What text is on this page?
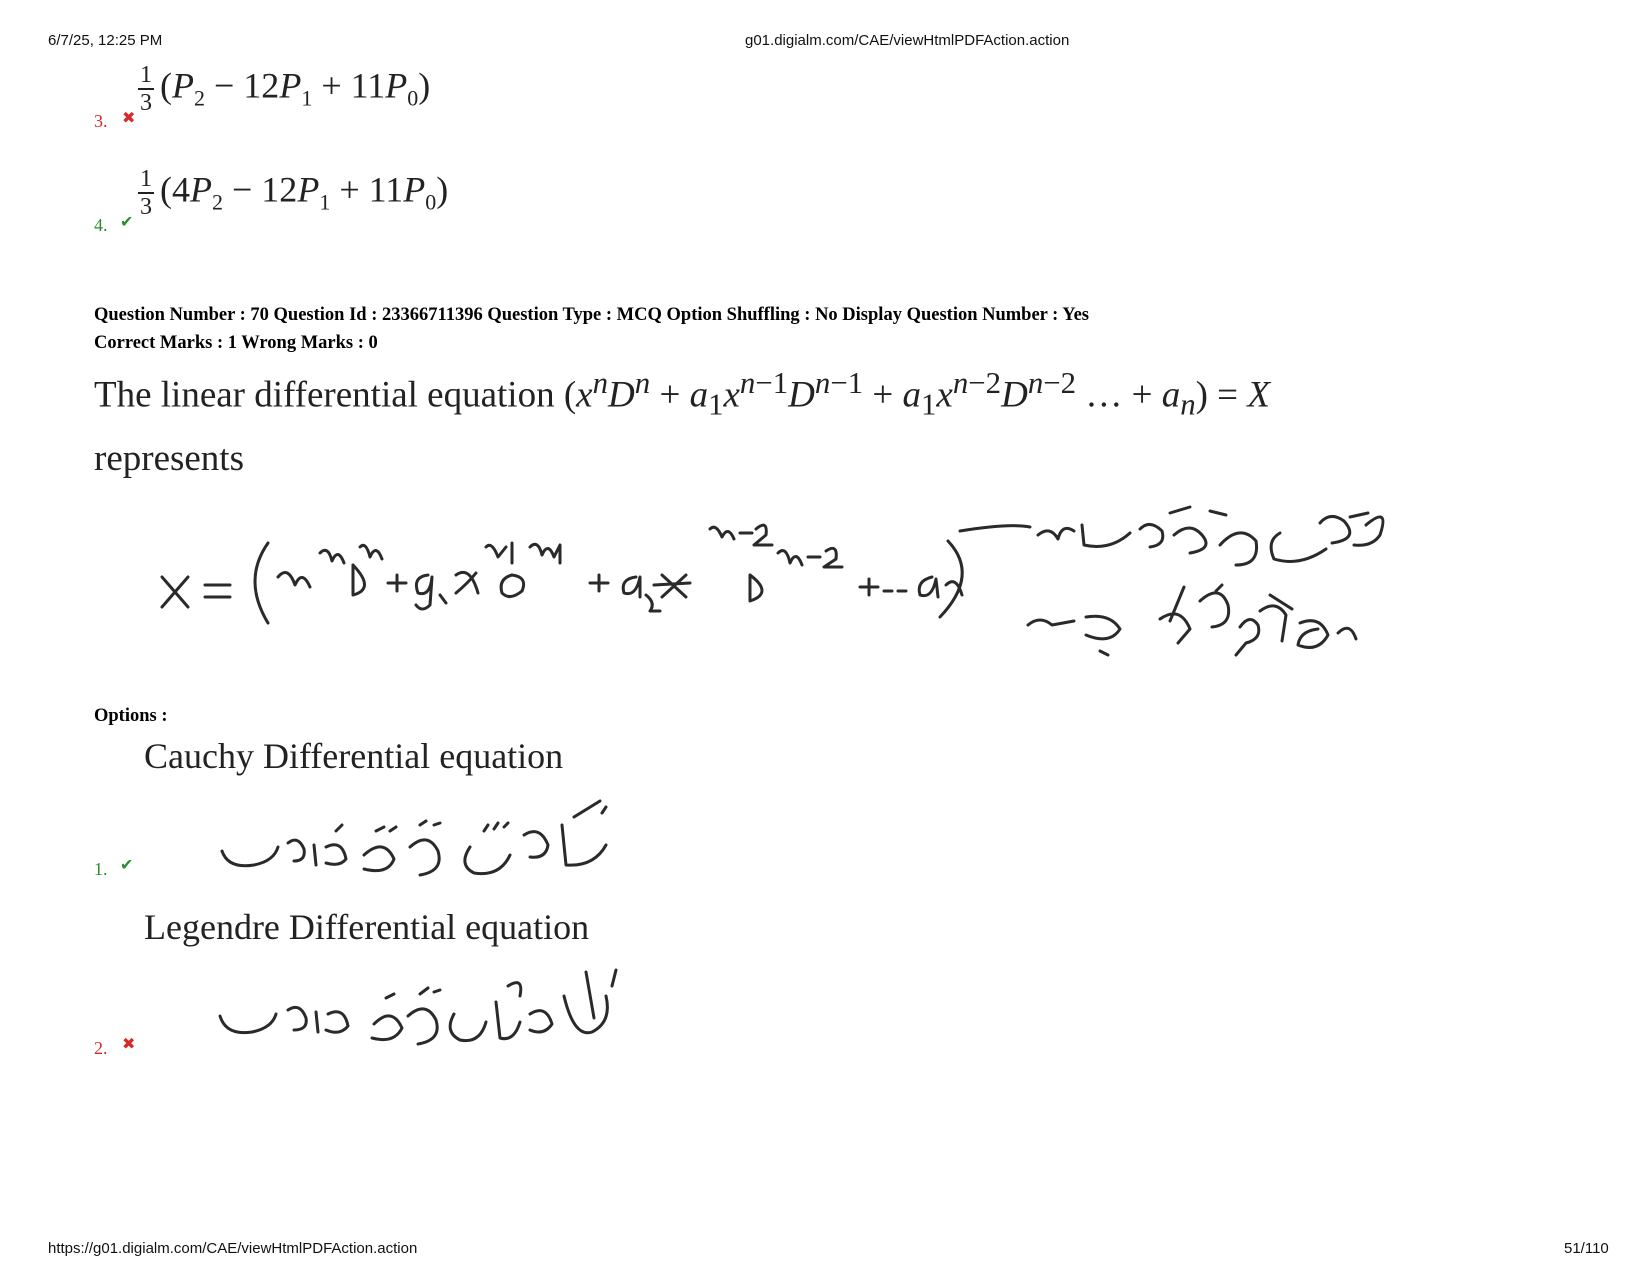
6/7/25, 12:25 PM	g01.digialm.com/CAE/viewHtmlPDFAction.action
3. ✖
$\frac{1}{3} (P_2 - 12P_1 + 11P_0)$
4. ✔
$\frac{1}{3} (4P_2 - 12P_1 + 11P_0)$
Question Number : 70 Question Id : 23366711396 Question Type : MCQ Option Shuffling : No Display Question Number : Yes
Correct Marks : 1 Wrong Marks : 0
The linear differential equation ($x^nD^n + a_1x^{n-1}D^{n-1} + a_1x^{n-2}D^{n-2}$ … + $a_n) = X$
represents
خطی تفرقی مساوات
واضع کرتی ہے
Options :
1. ✔
Cauchy Differential equation
کوشی تفرقی مساوات
2. ✖
Legendre Differential equation
لیجنڈری تفرقی مساوات
https://g01.digialm.com/CAE/viewHtmlPDFAction.action	51/110
